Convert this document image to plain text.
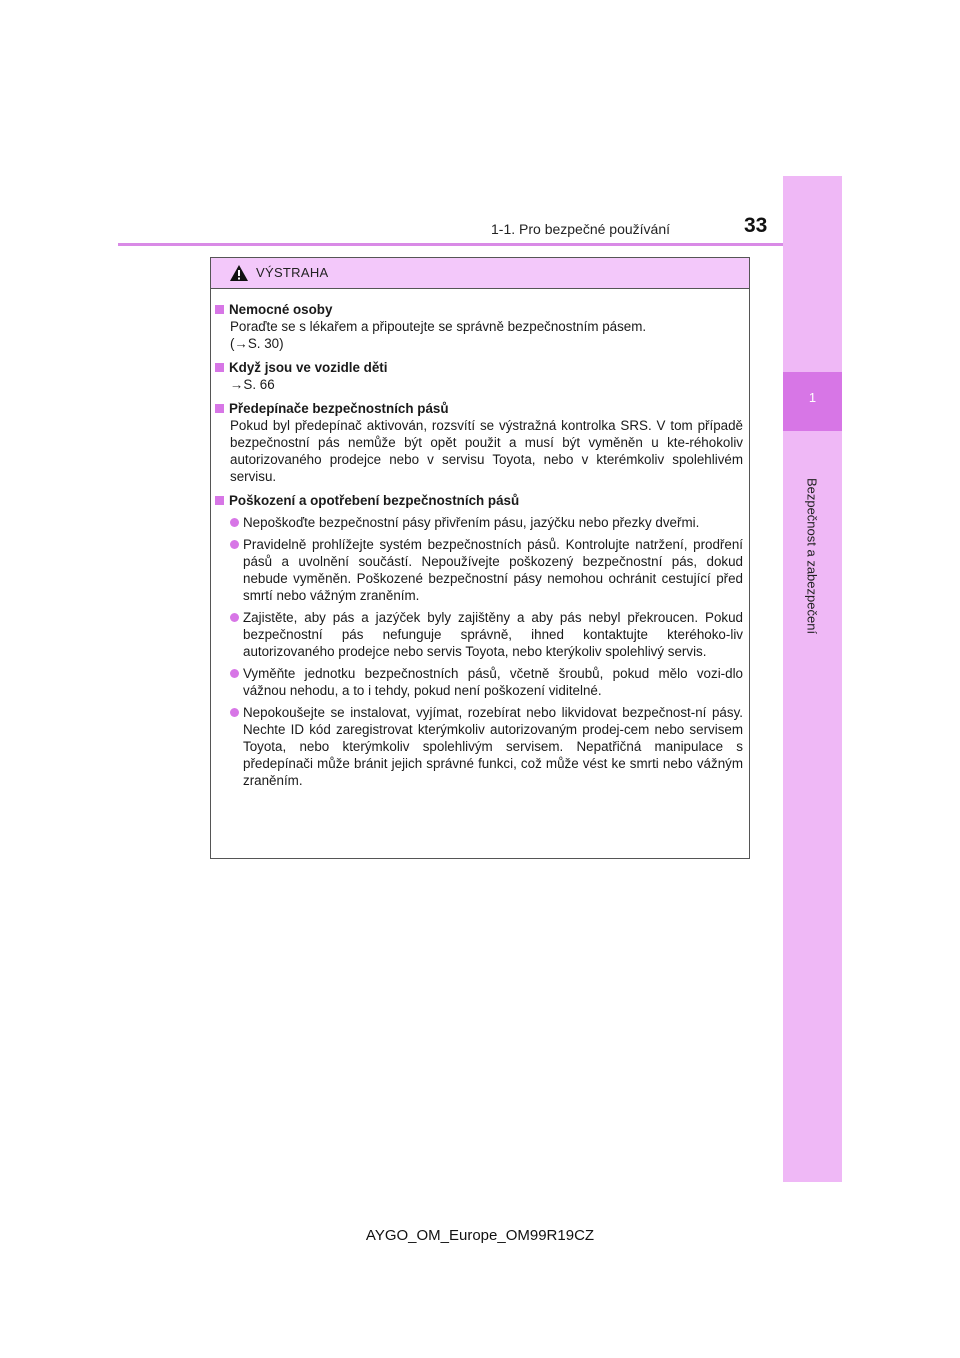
1
Bezpečnost a zabezpečení
1-1. Pro bezpečné používání	33
VÝSTRAHA
Nemocné osoby
Poraďte se s lékařem a připoutejte se správně bezpečnostním pásem.
(→S. 30)
Když jsou ve vozidle děti
→S. 66
Předepínače bezpečnostních pásů
Pokud byl předepínač aktivován, rozsvítí se výstražná kontrolka SRS. V tom případě bezpečnostní pás nemůže být opět použit a musí být vyměněn u kte-réhokoliv autorizovaného prodejce nebo v servisu Toyota, nebo v kterémkoliv spolehlivém servisu.
Poškození a opotřebení bezpečnostních pásů
Nepoškoďte bezpečnostní pásy přivřením pásu, jazýčku nebo přezky dveřmi.
Pravidelně prohlížejte systém bezpečnostních pásů. Kontrolujte natržení, prodření pásů a uvolnění součástí. Nepoužívejte poškozený bezpečnostní pás, dokud nebude vyměněn. Poškozené bezpečnostní pásy nemohou ochránit cestující před smrtí nebo vážným zraněním.
Zajistěte, aby pás a jazýček byly zajištěny a aby pás nebyl překroucen. Pokud bezpečnostní pás nefunguje správně, ihned kontaktujte kteréhoko-liv autorizovaného prodejce nebo servis Toyota, nebo kterýkoliv spolehlivý servis.
Vyměňte jednotku bezpečnostních pásů, včetně šroubů, pokud mělo vozi-dlo vážnou nehodu, a to i tehdy, pokud není poškození viditelné.
Nepokoušejte se instalovat, vyjímat, rozebírat nebo likvidovat bezpečnost-ní pásy. Nechte ID kód zaregistrovat kterýmkoliv autorizovaným prodej-cem nebo servisem Toyota, nebo kterýmkoliv spolehlivým servisem. Nepatřičná manipulace s předepínači může bránit jejich správné funkci, což může vést ke smrti nebo vážným zraněním.
AYGO_OM_Europe_OM99R19CZ
